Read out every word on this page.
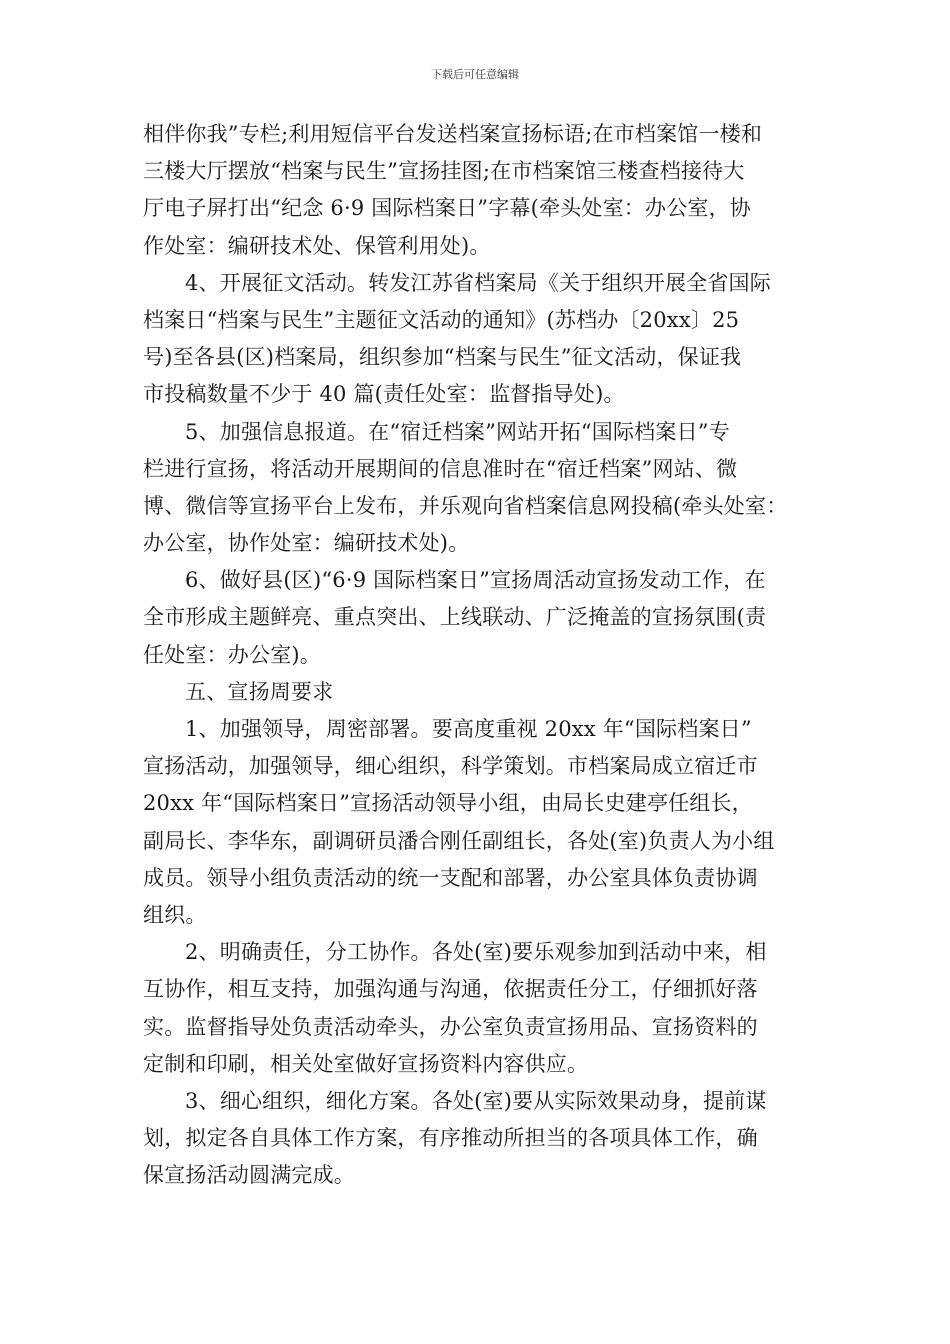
下载后可任意编辑
相伴你我”专栏;利用短信平台发送档案宣扬标语;在市档案馆一楼和
三楼大厅摆放“档案与民生”宣扬挂图;在市档案馆三楼查档接待大
厅电子屏打出“纪念 6·9 国际档案日”字幕(牵头处室：办公室，协
作处室：编研技术处、保管利用处)。
4、开展征文活动。转发江苏省档案局《关于组织开展全省国际
档案日“档案与民生”主题征文活动的通知》(苏档办〔20xx〕25
号)至各县(区)档案局，组织参加“档案与民生”征文活动，保证我
市投稿数量不少于 40 篇(责任处室：监督指导处)。
5、加强信息报道。在“宿迁档案”网站开拓“国际档案日”专
栏进行宣扬，将活动开展期间的信息准时在“宿迁档案”网站、微
博、微信等宣扬平台上发布，并乐观向省档案信息网投稿(牵头处室：
办公室，协作处室：编研技术处)。
6、做好县(区)“6·9 国际档案日”宣扬周活动宣扬发动工作，在
全市形成主题鲜亮、重点突出、上线联动、广泛掩盖的宣扬氛围(责
任处室：办公室)。
五、宣扬周要求
1、加强领导，周密部署。要高度重视 20xx 年“国际档案日”
宣扬活动，加强领导，细心组织，科学策划。市档案局成立宿迁市
20xx 年“国际档案日”宣扬活动领导小组，由局长史建亭任组长，
副局长、李华东，副调研员潘合刚任副组长，各处(室)负责人为小组
成员。领导小组负责活动的统一支配和部署，办公室具体负责协调
组织。
2、明确责任，分工协作。各处(室)要乐观参加到活动中来，相
互协作，相互支持，加强沟通与沟通，依据责任分工，仔细抓好落
实。监督指导处负责活动牵头，办公室负责宣扬用品、宣扬资料的
定制和印刷，相关处室做好宣扬资料内容供应。
3、细心组织，细化方案。各处(室)要从实际效果动身，提前谋
划，拟定各自具体工作方案，有序推动所担当的各项具体工作，确
保宣扬活动圆满完成。
